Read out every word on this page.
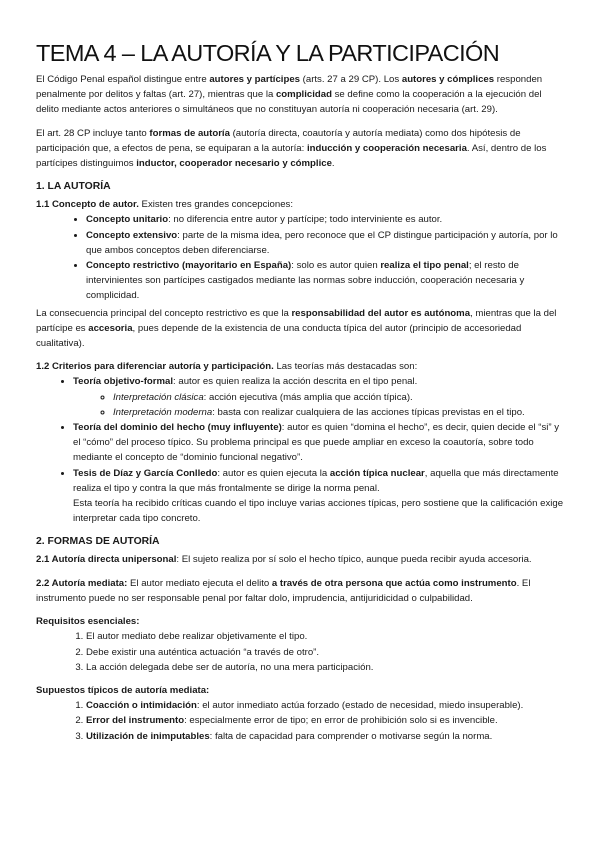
TEMA 4 – LA AUTORÍA Y LA PARTICIPACIÓN

El Código Penal español distingue entre autores y partícipes (arts. 27 a 29 CP). Los autores y cómplices responden penalmente por delitos y faltas (art. 27), mientras que la complicidad se define como la cooperación a la ejecución del delito mediante actos anteriores o simultáneos que no constituyan autoría ni cooperación necesaria (art. 29).

El art. 28 CP incluye tanto formas de autoría (autoría directa, coautoría y autoría mediata) como dos hipótesis de participación que, a efectos de pena, se equiparan a la autoría: inducción y cooperación necesaria. Así, dentro de los partícipes distinguimos inductor, cooperador necesario y cómplice.

1. LA AUTORÍA
1.1 Concepto de autor. Existen tres grandes concepciones:
• Concepto unitario: no diferencia entre autor y partícipe; todo interviniente es autor.
• Concepto extensivo: parte de la misma idea, pero reconoce que el CP distingue participación y autoría, por lo que ambos conceptos deben diferenciarse.
• Concepto restrictivo (mayoritario en España): solo es autor quien realiza el tipo penal; el resto de intervinientes son partícipes castigados mediante las normas sobre inducción, cooperación necesaria y complicidad.

La consecuencia principal del concepto restrictivo es que la responsabilidad del autor es autónoma, mientras que la del partícipe es accesoria, pues depende de la existencia de una conducta típica del autor (principio de accesoriedad cualitativa).

1.2 Criterios para diferenciar autoría y participación. Las teorías más destacadas son:
• Teoría objetivo-formal: autor es quien realiza la acción descrita en el tipo penal.
◦ Interpretación clásica: acción ejecutiva (más amplia que acción típica).
◦ Interpretación moderna: basta con realizar cualquiera de las acciones típicas previstas en el tipo.
• Teoría del dominio del hecho (muy influyente): autor es quien “domina el hecho”, es decir, quien decide el “si” y el “cómo” del proceso típico. Su problema principal es que puede ampliar en exceso la coautoría, sobre todo mediante el concepto de “dominio funcional negativo”.
• Tesis de Díaz y García Conlledo: autor es quien ejecuta la acción típica nuclear, aquella que más directamente realiza el tipo y contra la que más frontalmente se dirige la norma penal.
Esta teoría ha recibido críticas cuando el tipo incluye varias acciones típicas, pero sostiene que la calificación exige interpretar cada tipo concreto.
2. FORMAS DE AUTORÍA

2.1 Autoría directa unipersonal: El sujeto realiza por sí solo el hecho típico, aunque pueda recibir ayuda accesoria.

2.2 Autoría mediata: El autor mediato ejecuta el delito a través de otra persona que actúa como instrumento. El instrumento puede no ser responsable penal por faltar dolo, imprudencia, antijuridicidad o culpabilidad.

Requisitos esenciales:
1. El autor mediato debe realizar objetivamente el tipo.
2. Debe existir una auténtica actuación “a través de otro”.
3. La acción delegada debe ser de autoría, no una mera participación.
Supuestos típicos de autoría mediata:
1. Coacción o intimidación: el autor inmediato actúa forzado (estado de necesidad, miedo insuperable).
2. Error del instrumento: especialmente error de tipo; en error de prohibición solo si es invencible.
3. Utilización de inimputables: falta de capacidad para comprender o motivarse según la norma.
